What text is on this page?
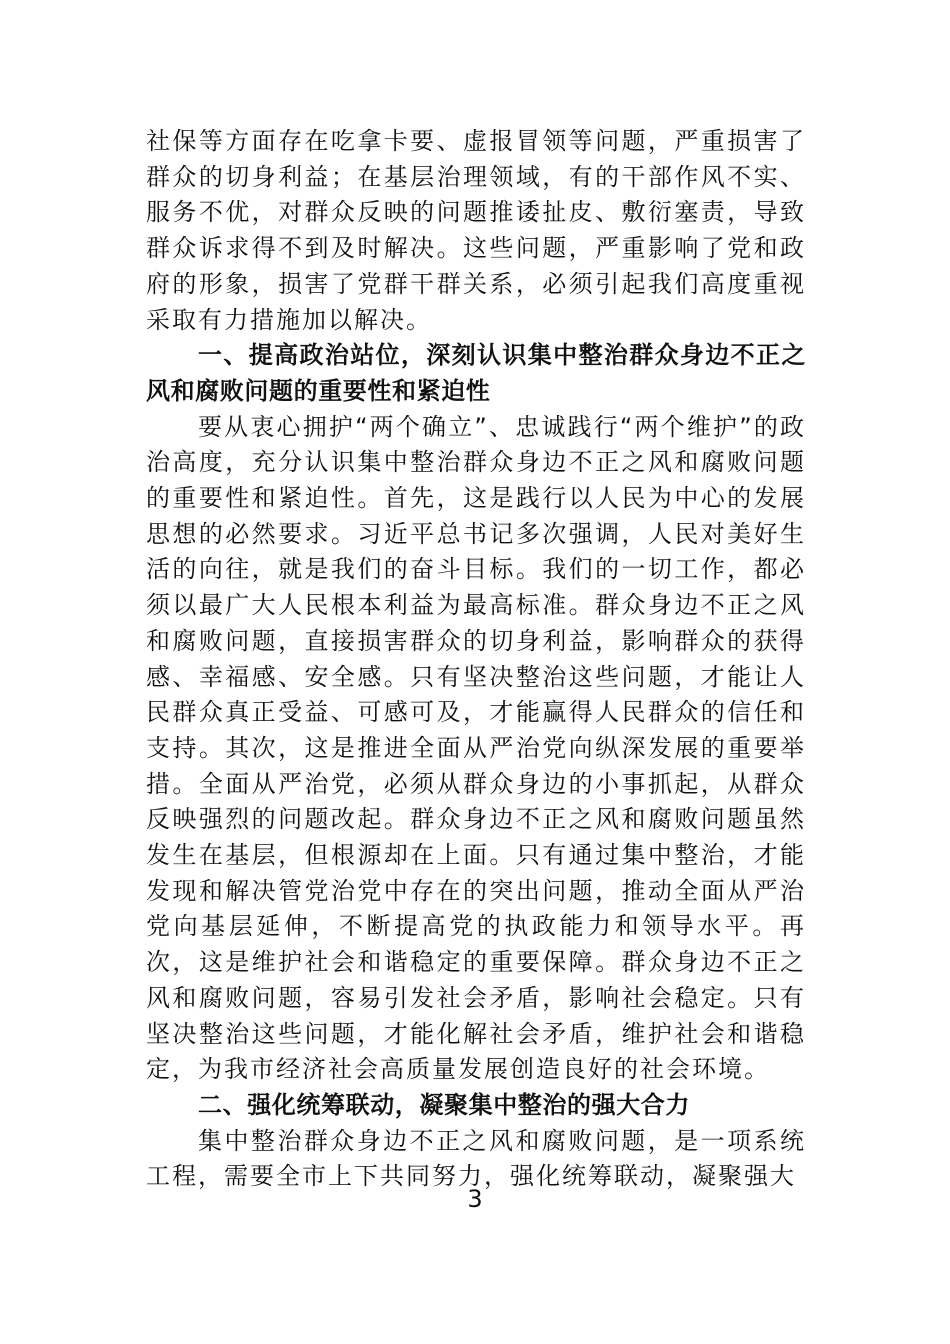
社保等方面存在吃拿卡要、虚报冒领等问题，严重损害了群众的切身利益；在基层治理领域，有的干部作风不实、服务不优，对群众反映的问题推诿扯皮、敷衍塞责，导致群众诉求得不到及时解决。这些问题，严重影响了党和政府的形象，损害了党群干群关系，必须引起我们高度重视采取有力措施加以解决。

一、提高政治站位，深刻认识集中整治群众身边不正之风和腐败问题的重要性和紧迫性

要从衷心拥护“两个确立”、忠诚践行“两个维护”的政治高度，充分认识集中整治群众身边不正之风和腐败问题的重要性和紧迫性。首先，这是践行以人民为中心的发展思想的必然要求。习近平总书记多次强调，人民对美好生活的向往，就是我们的奋斗目标。我们的一切工作，都必须以最广大人民根本利益为最高标准。群众身边不正之风和腐败问题，直接损害群众的切身利益，影响群众的获得感、幸福感、安全感。只有坚决整治这些问题，才能让人民群众真正受益、可感可及，才能赢得人民群众的信任和支持。其次，这是推进全面从严治党向纵深发展的重要举措。全面从严治党，必须从群众身边的小事抓起，从群众反映强烈的问题改起。群众身边不正之风和腐败问题虽然发生在基层，但根源却在上面。只有通过集中整治，才能发现和解决管党治党中存在的突出问题，推动全面从严治党向基层延伸，不断提高党的执政能力和领导水平。再次，这是维护社会和谐稳定的重要保障。群众身边不正之风和腐败问题，容易引发社会矛盾，影响社会稳定。只有坚决整治这些问题，才能化解社会矛盾，维护社会和谐稳定，为我市经济社会高质量发展创造良好的社会环境。

二、强化统筹联动，凝聚集中整治的强大合力

集中整治群众身边不正之风和腐败问题，是一项系统工程，需要全市上下共同努力，强化统筹联动，凝聚强大

3
